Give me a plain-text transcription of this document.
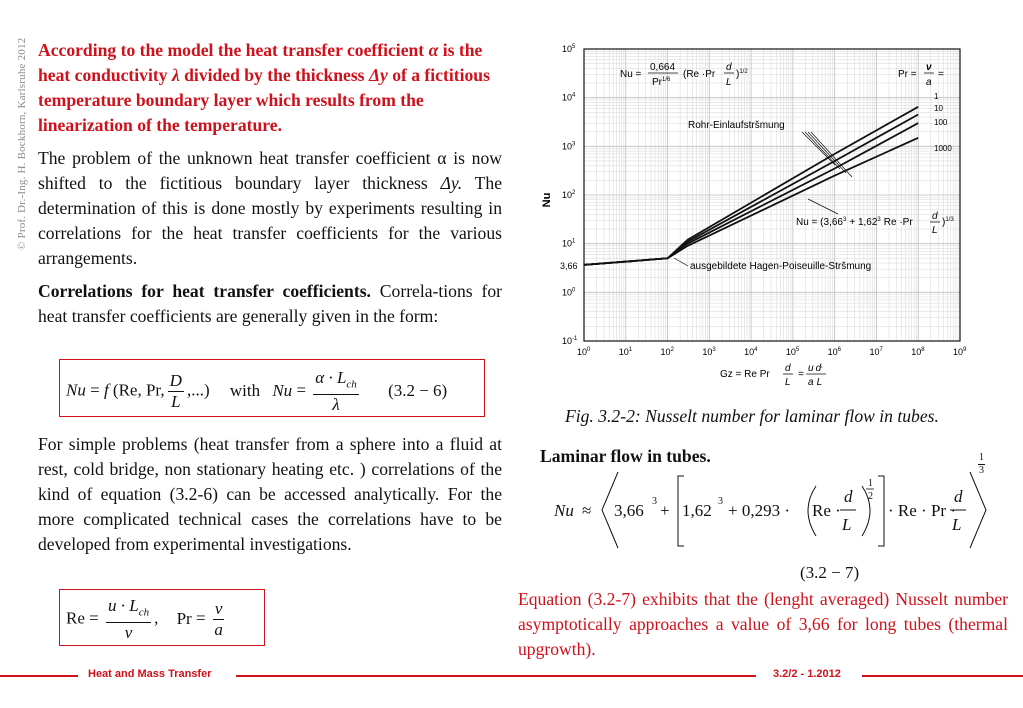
© Prof. Dr.-Ing. H. Bockhorn, Karlsruhe 2012 According to the model the heat transfer coefficient α is the heat conductivity λ divided by the thickness Δy of a fictitious temperature boundary layer which results from the linearization of the temperature.

The problem of the unknown heat transfer coefficient α is now shifted to the fictitious boundary layer thickness Δy. The determination of this is done mostly by experiments resulting in correlations for the heat transfer coefficients for the various arrangements.

Correlations for heat transfer coefficients. Correla-tions for heat transfer coefficients are generally given in the form:

Nu = f (Re, Pr, $\frac{D}{L}$ ,...) with $Nu = \frac{\alpha \cdot L_{ch}}{\lambda} (3.2 - 6)$

For simple problems (heat transfer from a sphere into a fluid at rest, cold bridge, non stationary heating etc. ) correlations of the kind of equation (3.2-6) can be accessed analytically. For the more complicated technical cases the correlations have to be developed from experimental investigations.

$Re = \frac{u \cdot L_{ch}}{\nu}$ , $Pr = \frac{\nu}{a}$
$10^0$	$10^1$	$10^2$	$10^3$	$10^4$	$10^5$	$10^6$	$10^7$	$10^8$	$10^9$
$10^5$
$10^4$
$10^3$
$10^2$
$10^1$
$10^0$
$10^{-1}$
Nu
Gz = Re Pr
d
L
=
u d,
a L
Nu =
0,664
$Pr^{1/6}$ (Re ·Pr
d
L
)$^{1/2}$	Pr =
ν
a
=
1
10
100
1000
Rohr-Einlaufstršmung
ausgebildete Hagen-Poiseuille-Stršmung
$Nu = (3,66^3 + 1,62^3$ Re ·Pr
d
L
)$^{1/3}$
3,66
Fig. 3.2-2: Nusselt number for laminar flow in tubes.
Laminar flow in tubes.
Nu ≈ 3,66 3 + 1,62 3 + 0,293 · Re ·
d
L
1
2
· Re · Pr ·
d
L
(3.2 − 7)
1
3
Equation (3.2-7) exhibits that the (lenght averaged) Nusselt number asymptotically approaches a value of 3,66 for long tubes (thermal upgrowth).
Heat and Mass Transfer	3.2/2 - 1.2012
